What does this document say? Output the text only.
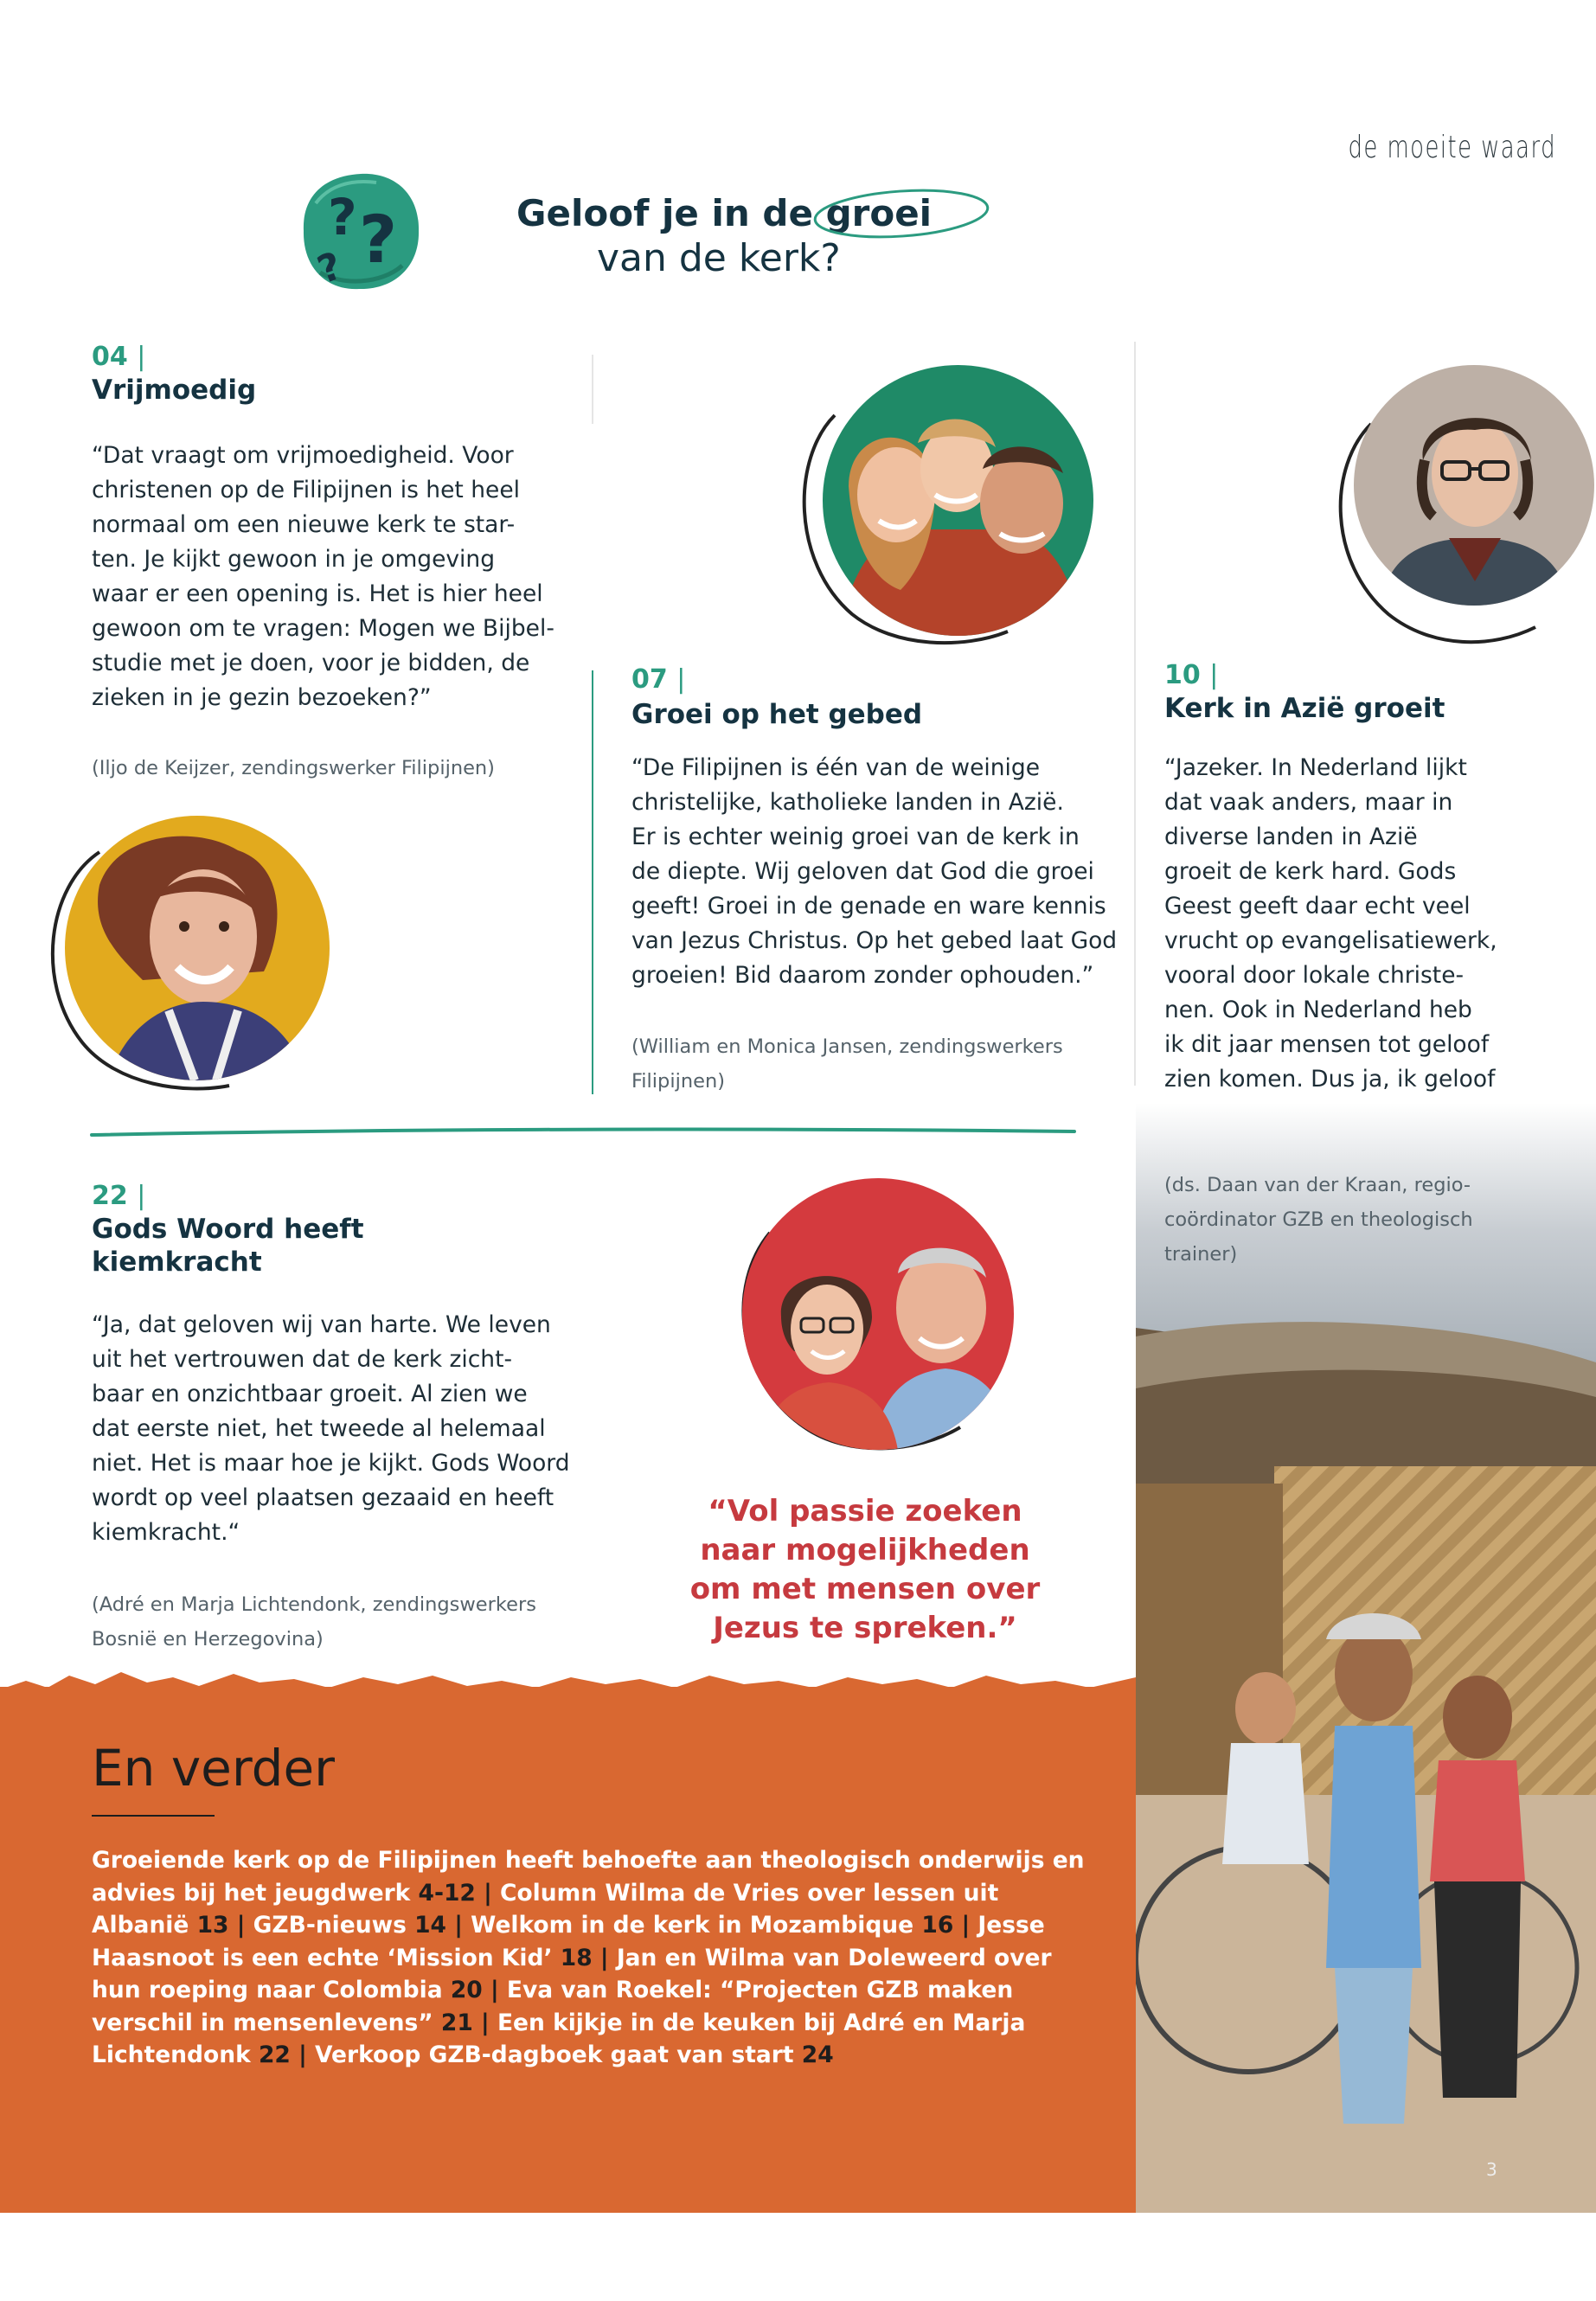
de moeite waard
? ?
?
Geloof je in de groei
van de kerk?
04 |
Vrijmoedig
“Dat vraagt om vrijmoedigheid. Voor
christenen op de Filipijnen is het heel
normaal om een nieuwe kerk te star-
ten. Je kijkt gewoon in je omgeving
waar er een opening is. Het is hier heel
gewoon om te vragen: Mogen we Bijbel-
studie met je doen, voor je bidden, de
zieken in je gezin bezoeken?”
(Iljo de Keijzer, zendingswerker Filipijnen)
07 |
Groei op het gebed
“De Filipijnen is één van de weinige
christelijke, katholieke landen in Azië.
Er is echter weinig groei van de kerk in
de diepte. Wij geloven dat God die groei
geeft! Groei in de genade en ware kennis
van Jezus Christus. Op het gebed laat God
groeien! Bid daarom zonder ophouden.”
(William en Monica Jansen, zendingswerkers
Filipijnen)
10 |
Kerk in Azië groeit
“Jazeker. In Nederland lijkt
dat vaak anders, maar in
diverse landen in Azië
groeit de kerk hard. Gods
Geest geeft daar echt veel
vrucht op evangelisatiewerk,
vooral door lokale christe-
nen. Ook in Nederland heb
ik dit jaar mensen tot geloof
zien komen. Dus ja, ik geloof
3
(ds. Daan van der Kraan, regio-
coördinator GZB en theologisch
trainer)
22 |
Gods Woord heeft
kiemkracht
“Ja, dat geloven wij van harte. We leven
uit het vertrouwen dat de kerk zicht-
baar en onzichtbaar groeit. Al zien we
dat eerste niet, het tweede al helemaal
niet. Het is maar hoe je kijkt. Gods Woord
wordt op veel plaatsen gezaaid en heeft
kiemkracht.“
(Adré en Marja Lichtendonk, zendingswerkers
Bosnië en Herzegovina)
“Vol passie zoeken
naar mogelijkheden
om met mensen over
Jezus te spreken.”
En verder
Groeiende kerk op de Filipijnen heeft behoefte aan theologisch onderwijs en advies bij het jeugdwerk 4-12 | Column Wilma de Vries over lessen uit Albanië 13 | GZB-nieuws 14 | Welkom in de kerk in Mozambique 16 | Jesse Haasnoot is een echte ‘Mission Kid’ 18 | Jan en Wilma van Doleweerd over hun roeping naar Colombia 20 | Eva van Roekel: “Projecten GZB maken verschil in mensenlevens” 21 | Een kijkje in de keuken bij Adré en Marja Lichtendonk 22 | Verkoop GZB-dagboek gaat van start 24
